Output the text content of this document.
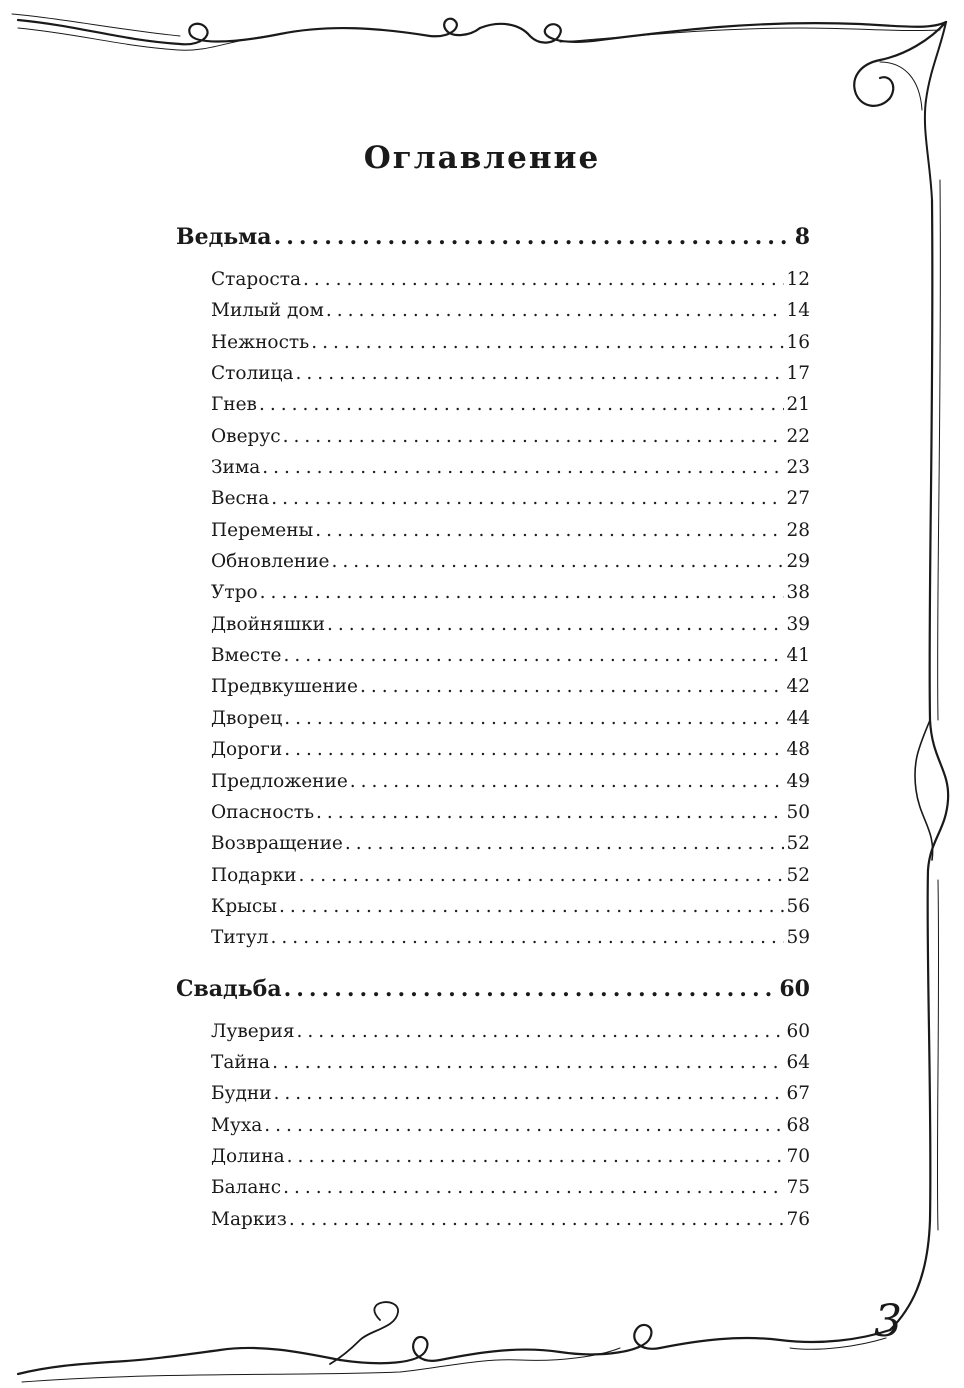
Оглавление
Ведьма .....	8
Староста .....	12
Милый дом .....	14
Нежность .....	16
Столица .....	17
Гнев .....	21
Оверус .....	22
Зима .....	23
Весна .....	27
Перемены .....	28
Обновление .....	29
Утро .....	38
Двойняшки .....	39
Вместе .....	41
Предвкушение .....	42
Дворец .....	44
Дороги .....	48
Предложение .....	49
Опасность .....	50
Возвращение .....	52
Подарки .....	52
Крысы .....	56
Титул .....	59
Свадьба .....	60
Луверия .....	60
Тайна .....	64
Будни .....	67
Муха .....	68
Долина .....	70
Баланс .....	75
Маркиз .....	76
3
